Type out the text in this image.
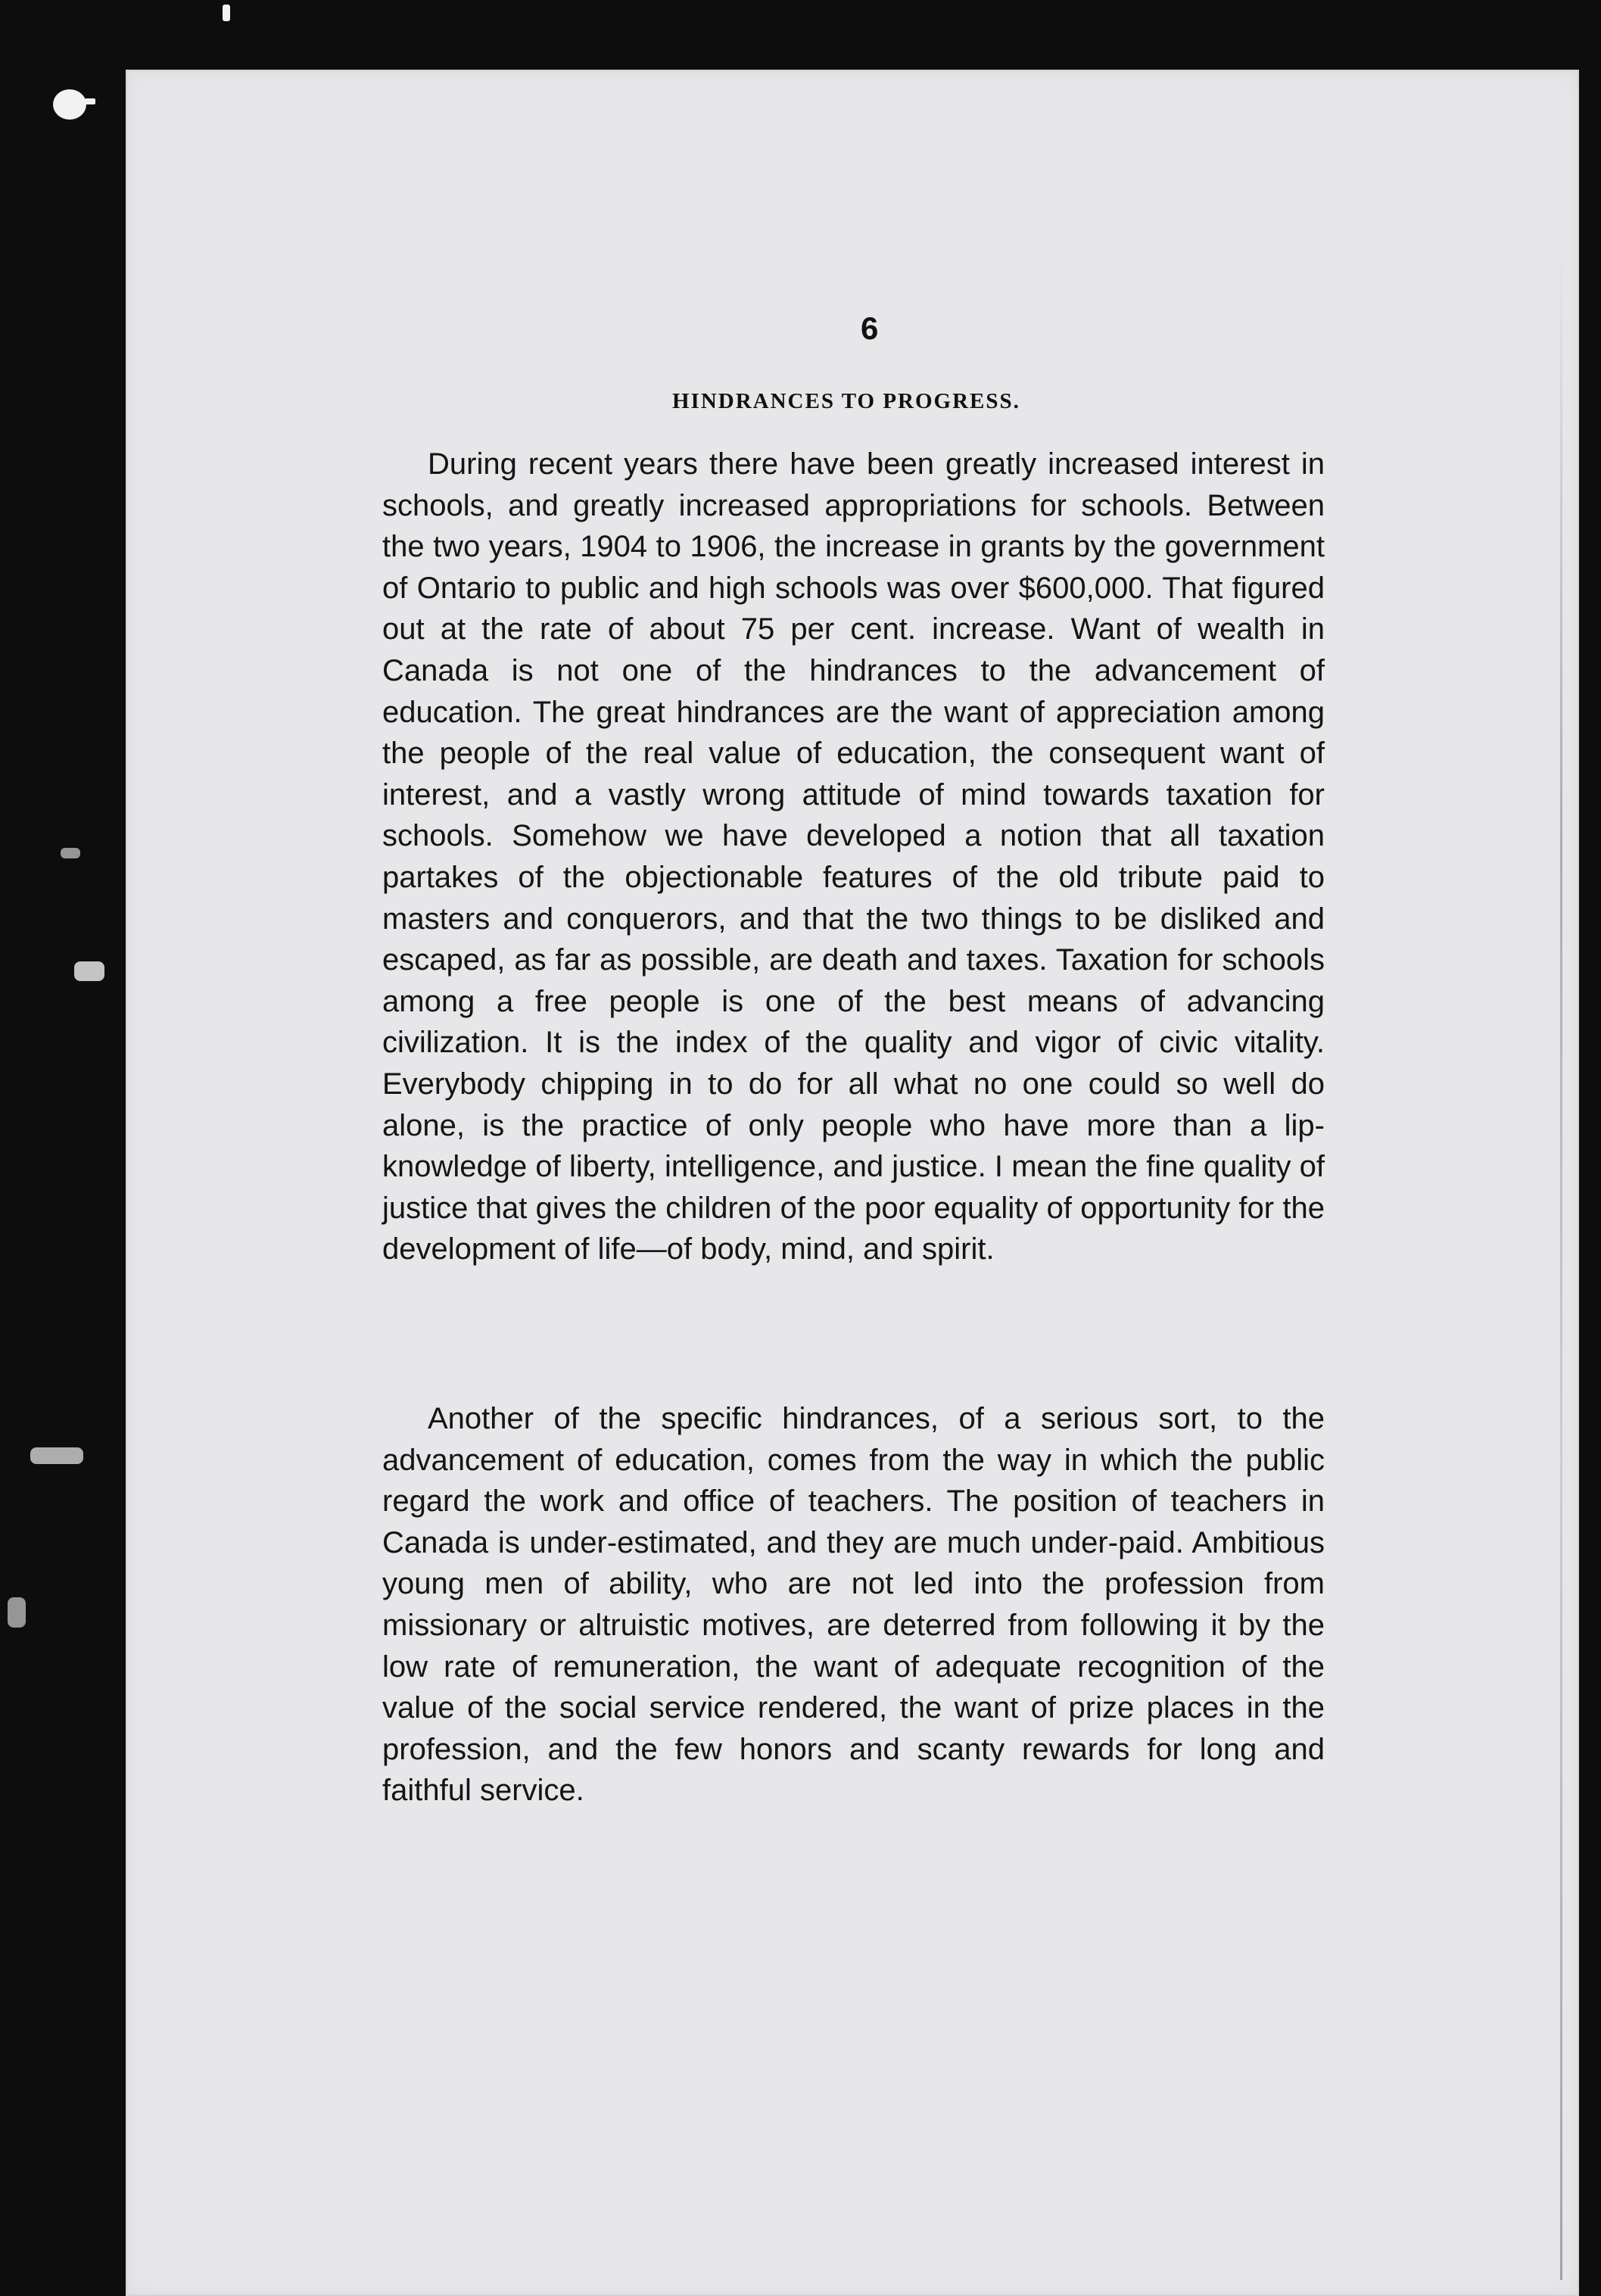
6
HINDRANCES TO PROGRESS.

During recent years there have been greatly increased interest in schools, and greatly increased appropriations for schools. Between the two years, 1904 to 1906, the increase in grants by the government of Ontario to public and high schools was over $600,000. That figured out at the rate of about 75 per cent. increase. Want of wealth in Canada is not one of the hindrances to the advancement of education. The great hindrances are the want of appreciation among the people of the real value of education, the consequent want of interest, and a vastly wrong attitude of mind towards taxation for schools. Somehow we have developed a notion that all taxation partakes of the objectionable features of the old tribute paid to masters and conquerors, and that the two things to be disliked and escaped, as far as possible, are death and taxes. Taxation for schools among a free people is one of the best means of advancing civilization. It is the index of the quality and vigor of civic vitality. Everybody chipping in to do for all what no one could so well do alone, is the practice of only people who have more than a lip-knowledge of liberty, intelligence, and justice. I mean the fine quality of justice that gives the children of the poor equality of opportunity for the development of life—of body, mind, and spirit.

Another of the specific hindrances, of a serious sort, to the advancement of education, comes from the way in which the public regard the work and office of teachers. The position of teachers in Canada is under-estimated, and they are much under-paid. Ambitious young men of ability, who are not led into the profession from missionary or altruistic motives, are deterred from following it by the low rate of remuneration, the want of adequate recognition of the value of the social service rendered, the want of prize places in the profession, and the few honors and scanty rewards for long and faithful service.
